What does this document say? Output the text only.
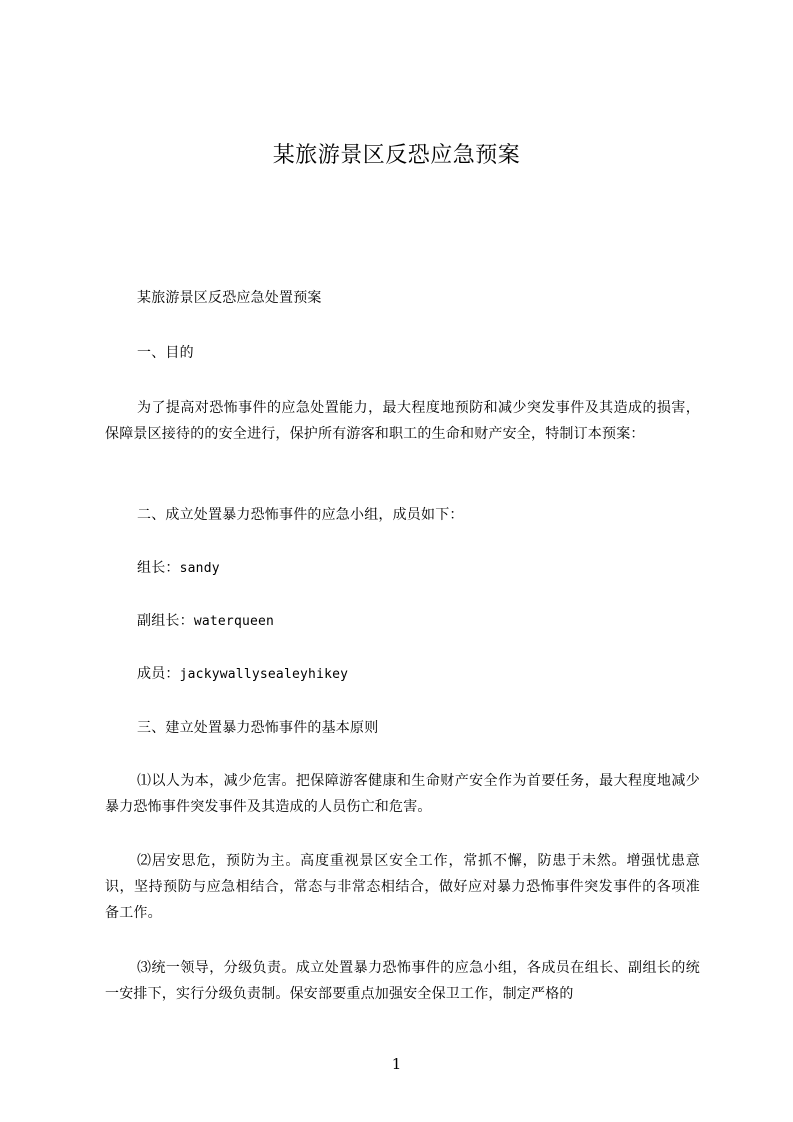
某旅游景区反恐应急预案

某旅游景区反恐应急处置预案

一、目的

为了提高对恐怖事件的应急处置能力，最大程度地预防和减少突发事件及其造成的损害，保障景区接待的的安全进行，保护所有游客和职工的生命和财产安全，特制订本预案：

二、成立处置暴力恐怖事件的应急小组，成员如下：

组长：sandy

副组长：waterqueen

成员：jackywallysealeyhikey

三、建立处置暴力恐怖事件的基本原则

⑴以人为本，减少危害。把保障游客健康和生命财产安全作为首要任务，最大程度地减少暴力恐怖事件突发事件及其造成的人员伤亡和危害。

⑵居安思危，预防为主。高度重视景区安全工作，常抓不懈，防患于未然。增强忧患意识，坚持预防与应急相结合，常态与非常态相结合，做好应对暴力恐怖事件突发事件的各项准备工作。

⑶统一领导，分级负责。成立处置暴力恐怖事件的应急小组，各成员在组长、副组长的统一安排下，实行分级负责制。保安部要重点加强安全保卫工作，制定严格的

1
